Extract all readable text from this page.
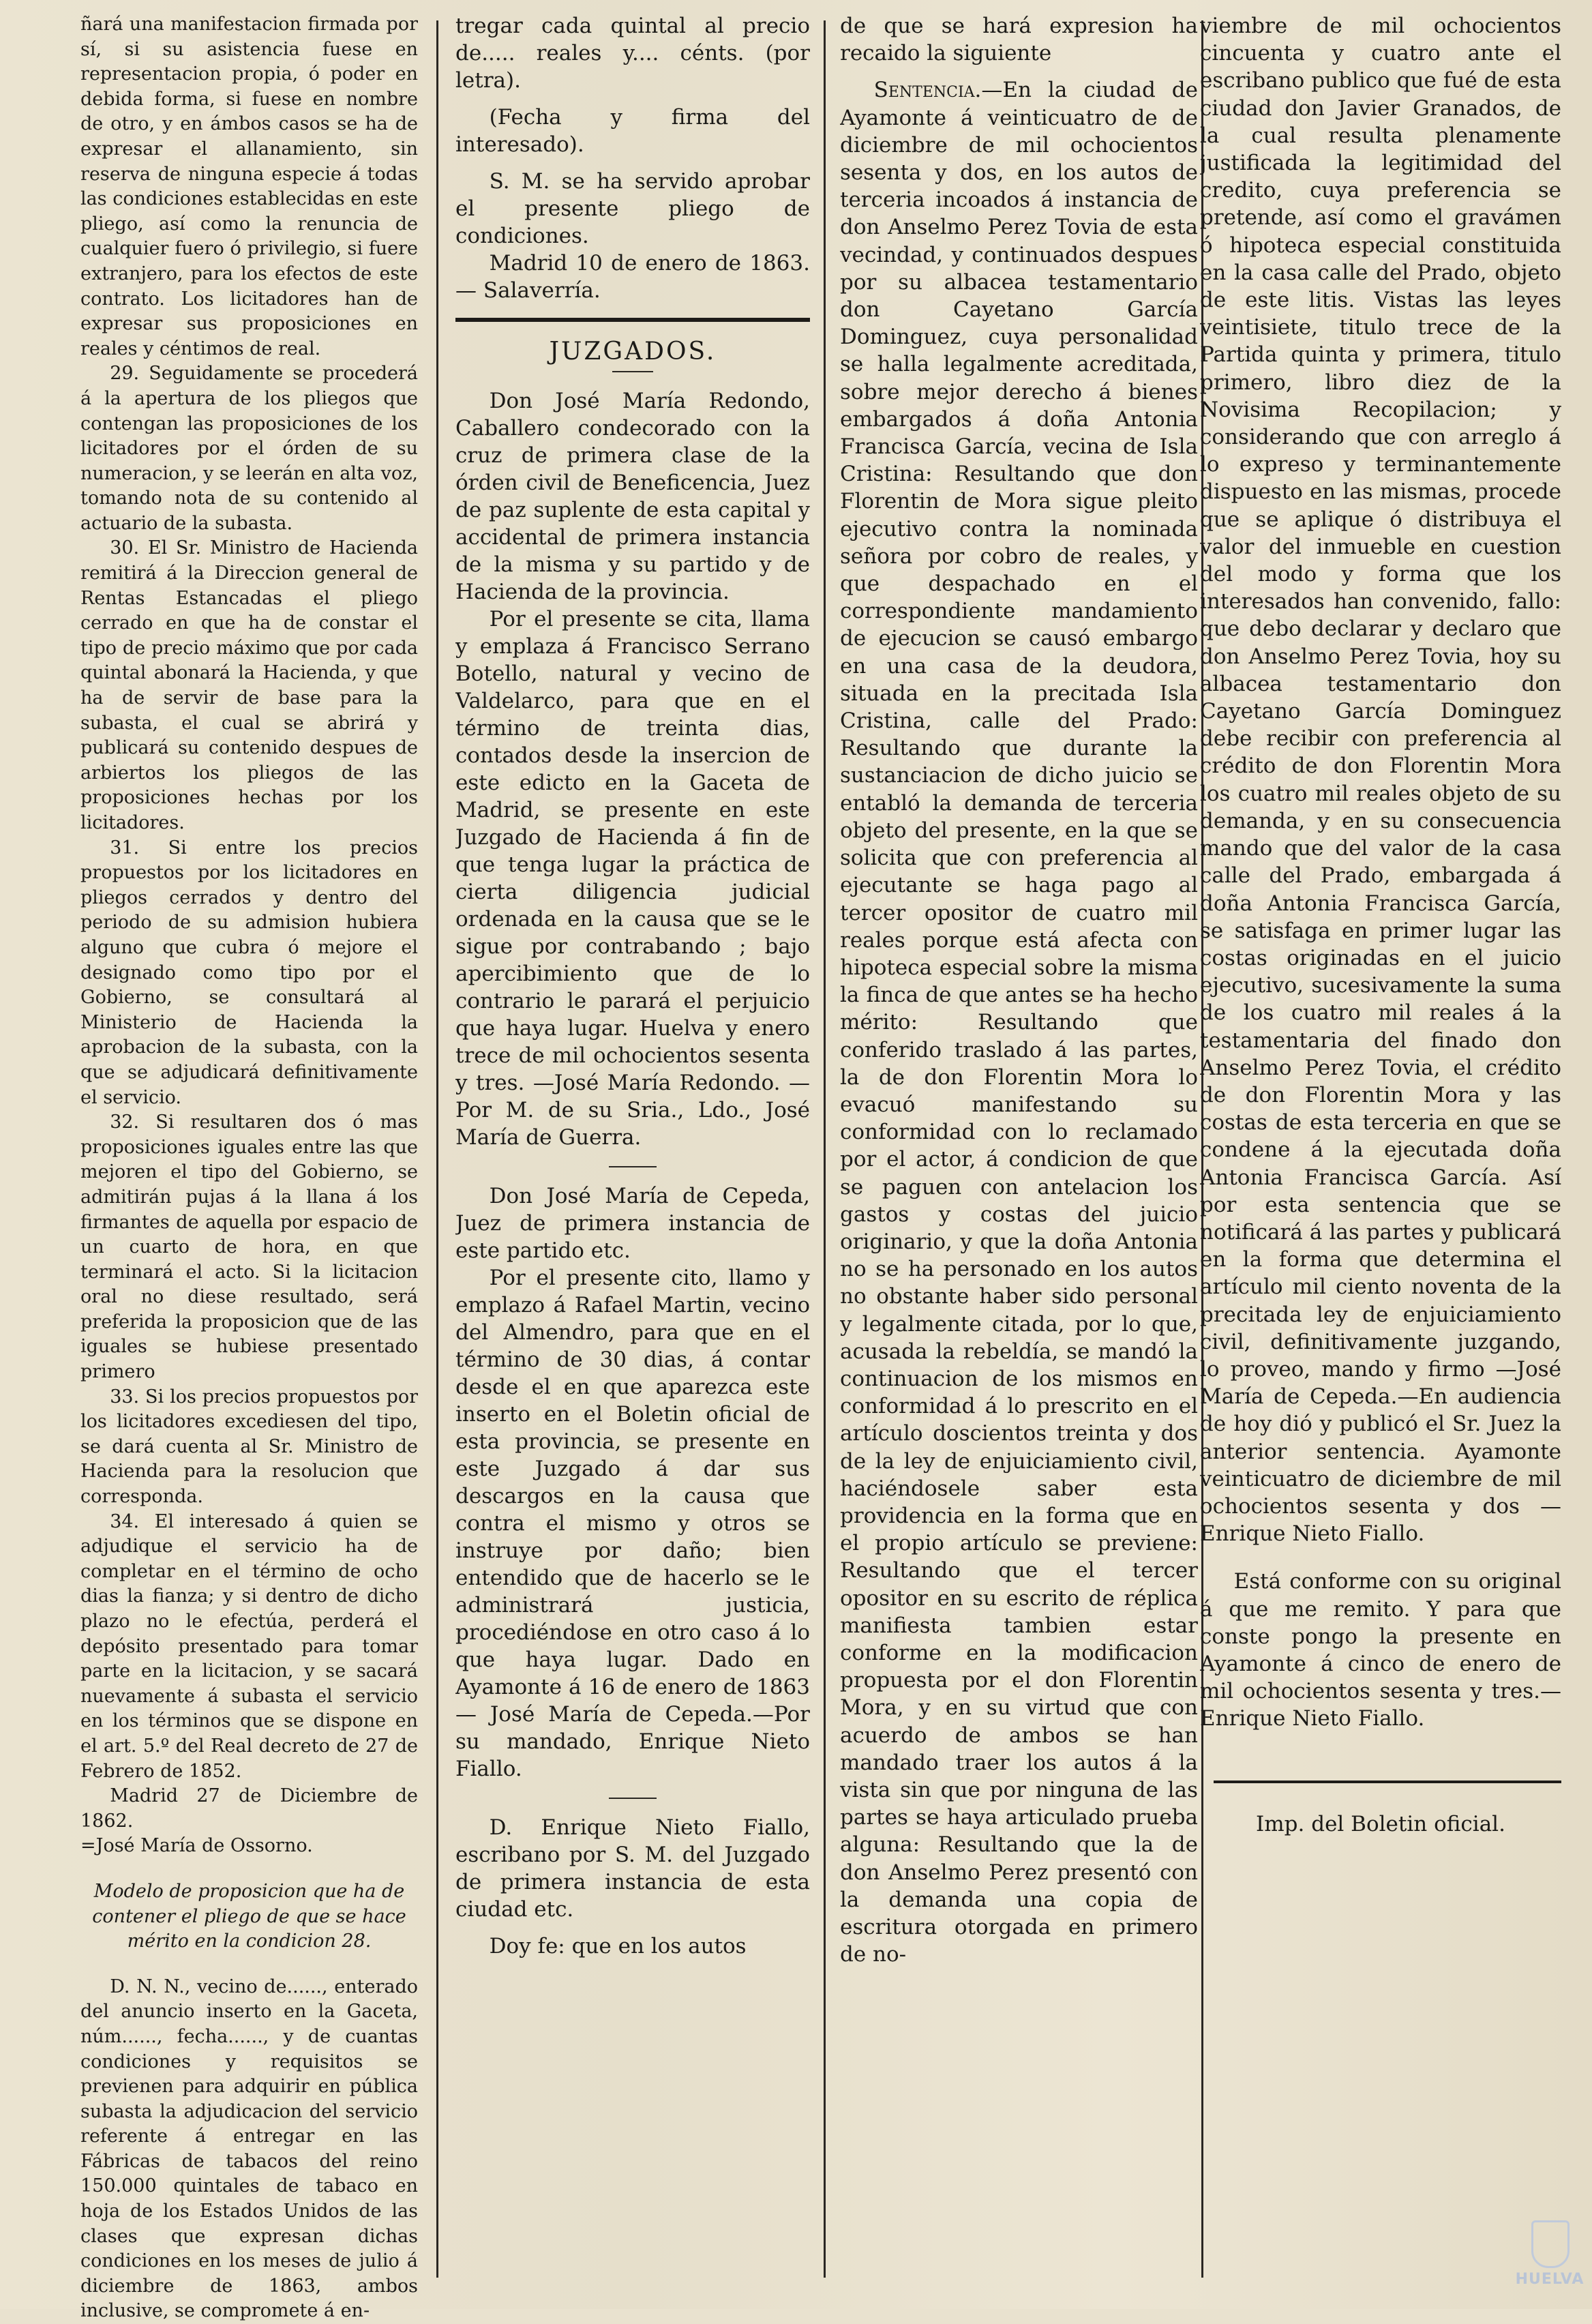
ñará una manifestacion firmada por sí, si su asistencia fuese en representacion propia, ó poder en debida forma, si fuese en nombre de otro, y en ámbos casos se ha de expresar el allanamiento, sin reserva de ninguna especie á todas las condiciones establecidas en este pliego, así como la renuncia de cualquier fuero ó privilegio, si fuere extranjero, para los efectos de este contrato. Los licitadores han de expresar sus proposiciones en reales y céntimos de real.

29. Seguidamente se procederá á la apertura de los pliegos que contengan las proposiciones de los licitadores por el órden de su numeracion, y se leerán en alta voz, tomando nota de su contenido al actuario de la subasta.

30. El Sr. Ministro de Hacienda remitirá á la Direccion general de Rentas Estancadas el pliego cerrado en que ha de constar el tipo de precio máximo que por cada quintal abonará la Hacienda, y que ha de servir de base para la subasta, el cual se abrirá y publicará su contenido despues de arbiertos los pliegos de las proposiciones hechas por los licitadores.

31. Si entre los precios propuestos por los licitadores en pliegos cerrados y dentro del periodo de su admision hubiera alguno que cubra ó mejore el designado como tipo por el Gobierno, se consultará al Ministerio de Hacienda la aprobacion de la subasta, con la que se adjudicará definitivamente el servicio.

32. Si resultaren dos ó mas proposiciones iguales entre las que mejoren el tipo del Gobierno, se admitirán pujas á la llana á los firmantes de aquella por espacio de un cuarto de hora, en que terminará el acto. Si la licitacion oral no diese resultado, será preferida la proposicion que de las iguales se hubiese presentado primero

33. Si los precios propuestos por los licitadores excediesen del tipo, se dará cuenta al Sr. Ministro de Hacienda para la resolucion que corresponda.

34. El interesado á quien se adjudique el servicio ha de completar en el término de ocho dias la fianza; y si dentro de dicho plazo no le efectúa, perderá el depósito presentado para tomar parte en la licitacion, y se sacará nuevamente á subasta el servicio en los términos que se dispone en el art. 5.º del Real decreto de 27 de Febrero de 1852.

Madrid 27 de Diciembre de 1862.

=José María de Ossorno.

Modelo de proposicion que ha de contener el pliego de que se hace mérito en la condicion 28.

D. N. N., vecino de......, enterado del anuncio inserto en la Gaceta, núm......, fecha......, y de cuantas condiciones y requisitos se previenen para adquirir en pública subasta la adjudicacion del servicio referente á entregar en las Fábricas de tabacos del reino 150.000 quintales de tabaco en hoja de los Estados Unidos de las clases que expresan dichas condiciones en los meses de julio á diciembre de 1863, ambos inclusive, se compromete á en-

tregar cada quintal al precio de..... reales y.... cénts. (por letra).

(Fecha y firma del interesado).

S. M. se ha servido aprobar el presente pliego de condiciones.

Madrid 10 de enero de 1863. — Salaverría.

JUZGADOS.

Don José María Redondo, Caballero condecorado con la cruz de primera clase de la órden civil de Beneficencia, Juez de paz suplente de esta capital y accidental de primera instancia de la misma y su partido y de Hacienda de la provincia.

Por el presente se cita, llama y emplaza á Francisco Serrano Botello, natural y vecino de Valdelarco, para que en el término de treinta dias, contados desde la insercion de este edicto en la Gaceta de Madrid, se presente en este Juzgado de Hacienda á fin de que tenga lugar la práctica de cierta diligencia judicial ordenada en la causa que se le sigue por contrabando ; bajo apercibimiento que de lo contrario le parará el perjuicio que haya lugar. Huelva y enero trece de mil ochocientos sesenta y tres. —José María Redondo. —Por M. de su Sria., Ldo., José María de Guerra.

Don José María de Cepeda, Juez de primera instancia de este partido etc.

Por el presente cito, llamo y emplazo á Rafael Martin, vecino del Almendro, para que en el término de 30 dias, á contar desde el en que aparezca este inserto en el Boletin oficial de esta provincia, se presente en este Juzgado á dar sus descargos en la causa que contra el mismo y otros se instruye por daño; bien entendido que de hacerlo se le administrará justicia, procediéndose en otro caso á lo que haya lugar. Dado en Ayamonte á 16 de enero de 1863 — José María de Cepeda.—Por su mandado, Enrique Nieto Fiallo.

D. Enrique Nieto Fiallo, escribano por S. M. del Juzgado de primera instancia de esta ciudad etc.

Doy fe: que en los autos

de que se hará expresion ha recaido la siguiente

Sentencia.—En la ciudad de Ayamonte á veinticuatro de de diciembre de mil ochocientos sesenta y dos, en los autos de terceria incoados á instancia de don Anselmo Perez Tovia de esta vecindad, y continuados despues por su albacea testamentario don Cayetano García Dominguez, cuya personalidad se halla legalmente acreditada, sobre mejor derecho á bienes embargados á doña Antonia Francisca García, vecina de Isla Cristina: Resultando que don Florentin de Mora sigue pleito ejecutivo contra la nominada señora por cobro de reales, y que despachado en el correspondiente mandamiento de ejecucion se causó embargo en una casa de la deudora, situada en la precitada Isla Cristina, calle del Prado: Resultando que durante la sustanciacion de dicho juicio se entabló la demanda de terceria objeto del presente, en la que se solicita que con preferencia al ejecutante se haga pago al tercer opositor de cuatro mil reales porque está afecta con hipoteca especial sobre la misma la finca de que antes se ha hecho mérito: Resultando que conferido traslado á las partes, la de don Florentin Mora lo evacuó manifestando su conformidad con lo reclamado por el actor, á condicion de que se paguen con antelacion los gastos y costas del juicio originario, y que la doña Antonia no se ha personado en los autos no obstante haber sido personal y legalmente citada, por lo que, acusada la rebeldía, se mandó la continuacion de los mismos en conformidad á lo prescrito en el artículo doscientos treinta y dos de la ley de enjuiciamiento civil, haciéndosele saber esta providencia en la forma que en el propio artículo se previene: Resultando que el tercer opositor en su escrito de réplica manifiesta tambien estar conforme en la modificacion propuesta por el don Florentin Mora, y en su virtud que con acuerdo de ambos se han mandado traer los autos á la vista sin que por ninguna de las partes se haya articulado prueba alguna: Resultando que la de don Anselmo Perez presentó con la demanda una copia de escritura otorgada en primero de no-

viembre de mil ochocientos cincuenta y cuatro ante el escribano publico que fué de esta ciudad don Javier Granados, de la cual resulta plenamente justificada la legitimidad del credito, cuya preferencia se pretende, así como el gravámen ó hipoteca especial constituida en la casa calle del Prado, objeto de este litis. Vistas las leyes veintisiete, titulo trece de la Partida quinta y primera, titulo primero, libro diez de la Novisima Recopilacion; y considerando que con arreglo á lo expreso y terminantemente dispuesto en las mismas, procede que se aplique ó distribuya el valor del inmueble en cuestion del modo y forma que los interesados han convenido, fallo: que debo declarar y declaro que don Anselmo Perez Tovia, hoy su albacea testamentario don Cayetano García Dominguez debe recibir con preferencia al crédito de don Florentin Mora los cuatro mil reales objeto de su demanda, y en su consecuencia mando que del valor de la casa calle del Prado, embargada á doña Antonia Francisca García, se satisfaga en primer lugar las costas originadas en el juicio ejecutivo, sucesivamente la suma de los cuatro mil reales á la testamentaria del finado don Anselmo Perez Tovia, el crédito de don Florentin Mora y las costas de esta terceria en que se condene á la ejecutada doña Antonia Francisca García. Así por esta sentencia que se notificará á las partes y publicará en la forma que determina el artículo mil ciento noventa de la precitada ley de enjuiciamiento civil, definitivamente juzgando, lo proveo, mando y firmo —José María de Cepeda.—En audiencia de hoy dió y publicó el Sr. Juez la anterior sentencia. Ayamonte veinticuatro de diciembre de mil ochocientos sesenta y dos —Enrique Nieto Fiallo.

Está conforme con su original á que me remito. Y para que conste pongo la presente en Ayamonte á cinco de enero de mil ochocientos sesenta y tres.—Enrique Nieto Fiallo.

Imp. del Boletin oficial.

HUELVA
